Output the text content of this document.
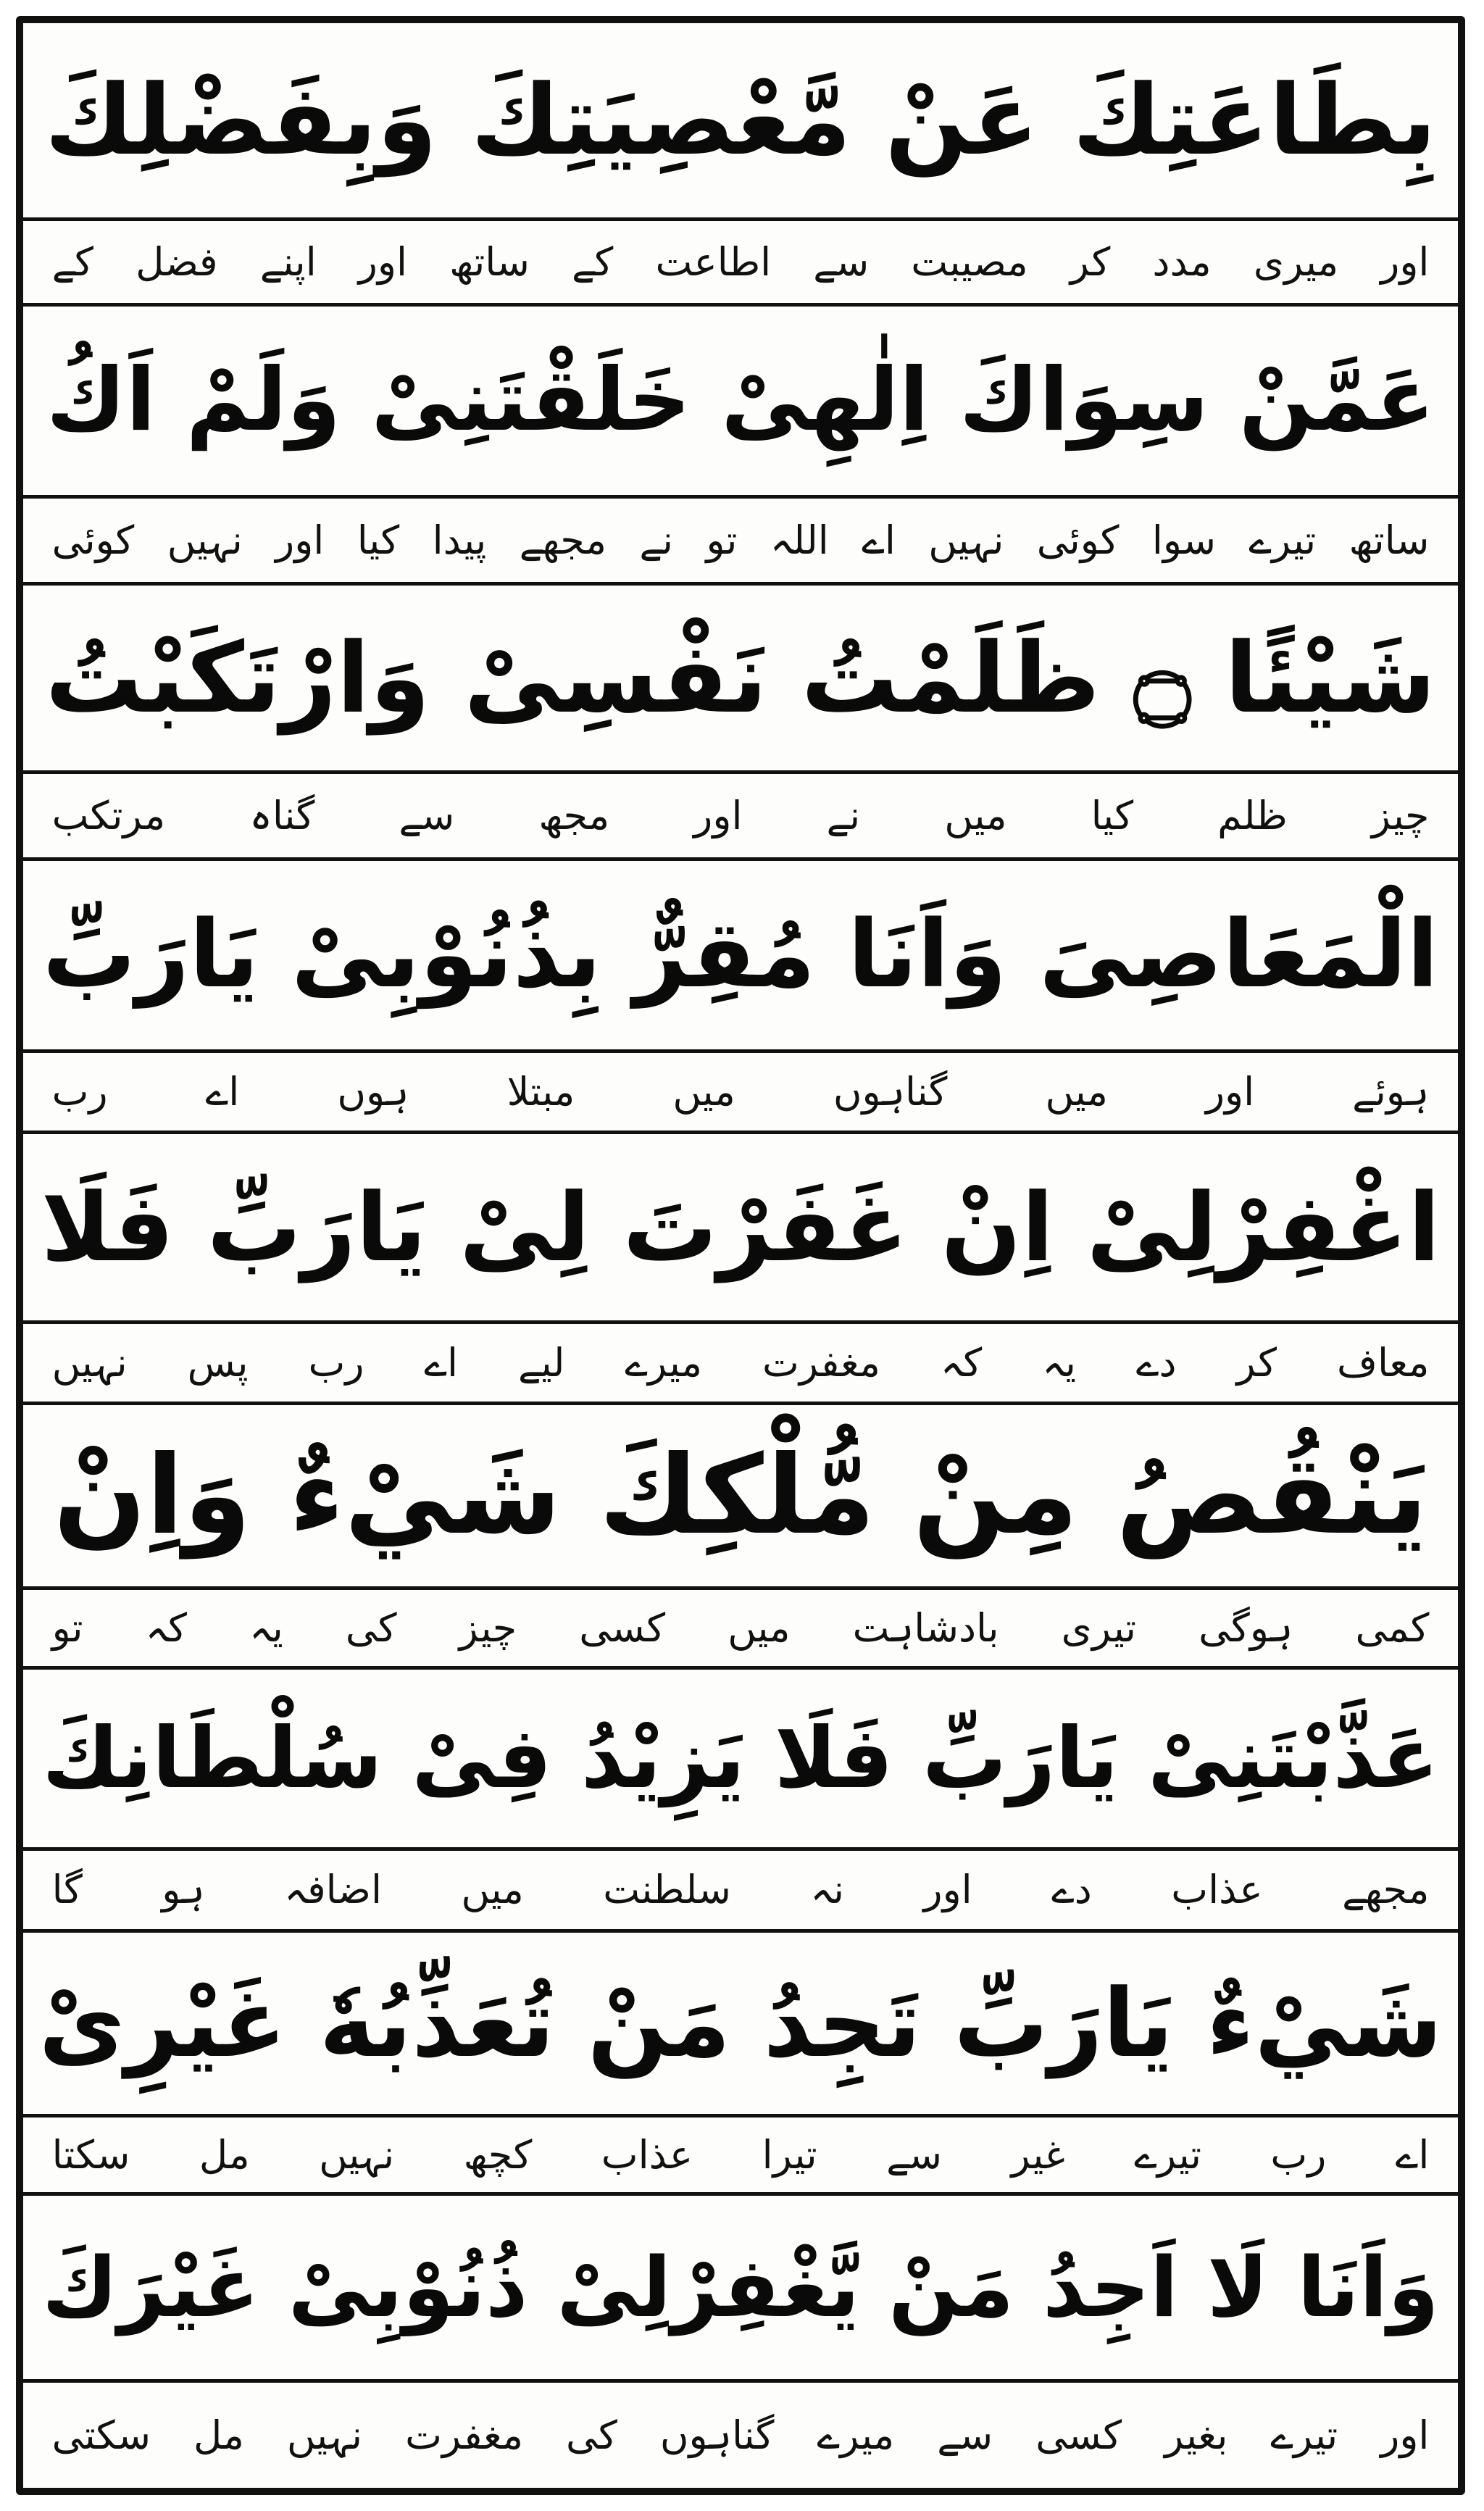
بِطَاعَتِكَ عَنْ مَّعْصِيَتِكَ وَبِفَضْلِكَ
اور میری مدد کر مصیبت سے اطاعت کے ساتھ اور اپنے فضل کے
عَمَّنْ سِوَاكَ اِلٰهِىْ خَلَقْتَنِىْ وَلَمْ اَكُ
ساتھ تیرے سوا کوئی نہیں اے اللہ تو نے مجھے پیدا کیا اور نہیں کوئی
شَيْئًا ۝ ظَلَمْتُ نَفْسِىْ وَارْتَكَبْتُ
چیز ظلم کیا میں نے اور مجھ سے گناہ مرتکب
الْمَعَاصِىَ وَاَنَا مُقِرٌّ بِذُنُوْبِىْ يَارَبِّ
ہوئے اور میں گناہوں میں مبتلا ہوں اے رب
اغْفِرْلِىْ اِنْ غَفَرْتَ لِىْ يَارَبِّ فَلَا
معاف کر دے یہ کہ مغفرت میرے لیے اے رب پس نہیں
يَنْقُصُ مِنْ مُّلْكِكَ شَيْءٌ وَاِنْ
کمی ہوگی تیری بادشاہت میں کسی چیز کی یہ کہ تو
عَذَّبْتَنِىْ يَارَبِّ فَلَا يَزِيْدُ فِىْ سُلْطَانِكَ
مجھے عذاب دے اور نہ سلطنت میں اضافہ ہو گا
شَيْءٌ يَارَبِّ تَجِدُ مَنْ تُعَذِّبُهٗ غَيْرِىْ
اے رب تیرے غیر سے تیرا عذاب کچھ نہیں مل سکتا
وَاَنَا لَا اَجِدُ مَنْ يَّغْفِرْلِىْ ذُنُوْبِىْ غَيْرَكَ
اور تیرے بغیر کسی سے میرے گناہوں کی مغفرت نہیں مل سکتی
